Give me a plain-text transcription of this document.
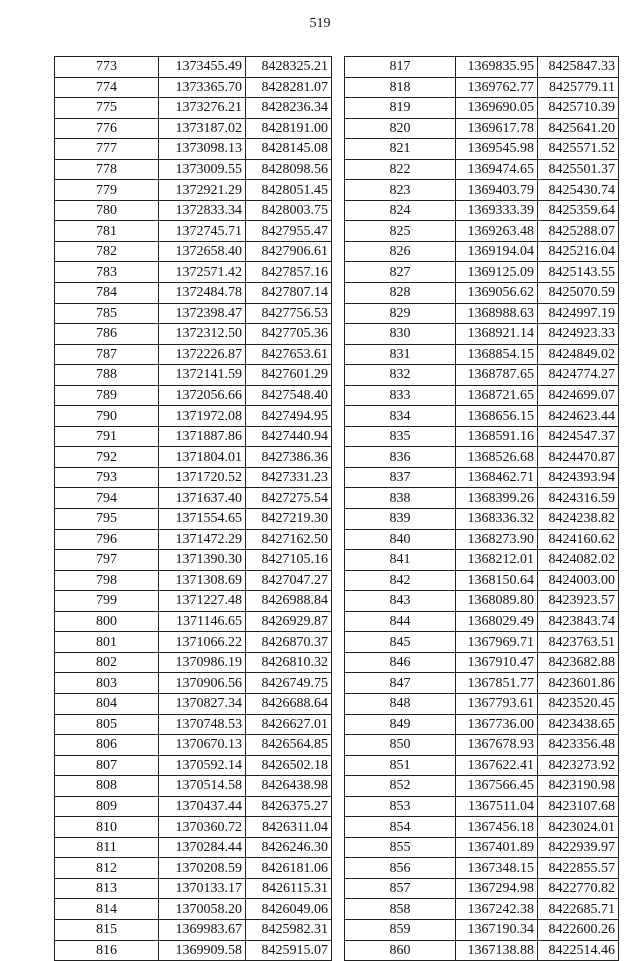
519
773	1373455.49	8428325.21
774	1373365.70	8428281.07
775	1373276.21	8428236.34
776	1373187.02	8428191.00
777	1373098.13	8428145.08
778	1373009.55	8428098.56
779	1372921.29	8428051.45
780	1372833.34	8428003.75
781	1372745.71	8427955.47
782	1372658.40	8427906.61
783	1372571.42	8427857.16
784	1372484.78	8427807.14
785	1372398.47	8427756.53
786	1372312.50	8427705.36
787	1372226.87	8427653.61
788	1372141.59	8427601.29
789	1372056.66	8427548.40
790	1371972.08	8427494.95
791	1371887.86	8427440.94
792	1371804.01	8427386.36
793	1371720.52	8427331.23
794	1371637.40	8427275.54
795	1371554.65	8427219.30
796	1371472.29	8427162.50
797	1371390.30	8427105.16
798	1371308.69	8427047.27
799	1371227.48	8426988.84
800	1371146.65	8426929.87
801	1371066.22	8426870.37
802	1370986.19	8426810.32
803	1370906.56	8426749.75
804	1370827.34	8426688.64
805	1370748.53	8426627.01
806	1370670.13	8426564.85
807	1370592.14	8426502.18
808	1370514.58	8426438.98
809	1370437.44	8426375.27
810	1370360.72	8426311.04
811	1370284.44	8426246.30
812	1370208.59	8426181.06
813	1370133.17	8426115.31
814	1370058.20	8426049.06
815	1369983.67	8425982.31
816	1369909.58	8425915.07
817	1369835.95	8425847.33
818	1369762.77	8425779.11
819	1369690.05	8425710.39
820	1369617.78	8425641.20
821	1369545.98	8425571.52
822	1369474.65	8425501.37
823	1369403.79	8425430.74
824	1369333.39	8425359.64
825	1369263.48	8425288.07
826	1369194.04	8425216.04
827	1369125.09	8425143.55
828	1369056.62	8425070.59
829	1368988.63	8424997.19
830	1368921.14	8424923.33
831	1368854.15	8424849.02
832	1368787.65	8424774.27
833	1368721.65	8424699.07
834	1368656.15	8424623.44
835	1368591.16	8424547.37
836	1368526.68	8424470.87
837	1368462.71	8424393.94
838	1368399.26	8424316.59
839	1368336.32	8424238.82
840	1368273.90	8424160.62
841	1368212.01	8424082.02
842	1368150.64	8424003.00
843	1368089.80	8423923.57
844	1368029.49	8423843.74
845	1367969.71	8423763.51
846	1367910.47	8423682.88
847	1367851.77	8423601.86
848	1367793.61	8423520.45
849	1367736.00	8423438.65
850	1367678.93	8423356.48
851	1367622.41	8423273.92
852	1367566.45	8423190.98
853	1367511.04	8423107.68
854	1367456.18	8423024.01
855	1367401.89	8422939.97
856	1367348.15	8422855.57
857	1367294.98	8422770.82
858	1367242.38	8422685.71
859	1367190.34	8422600.26
860	1367138.88	8422514.46
